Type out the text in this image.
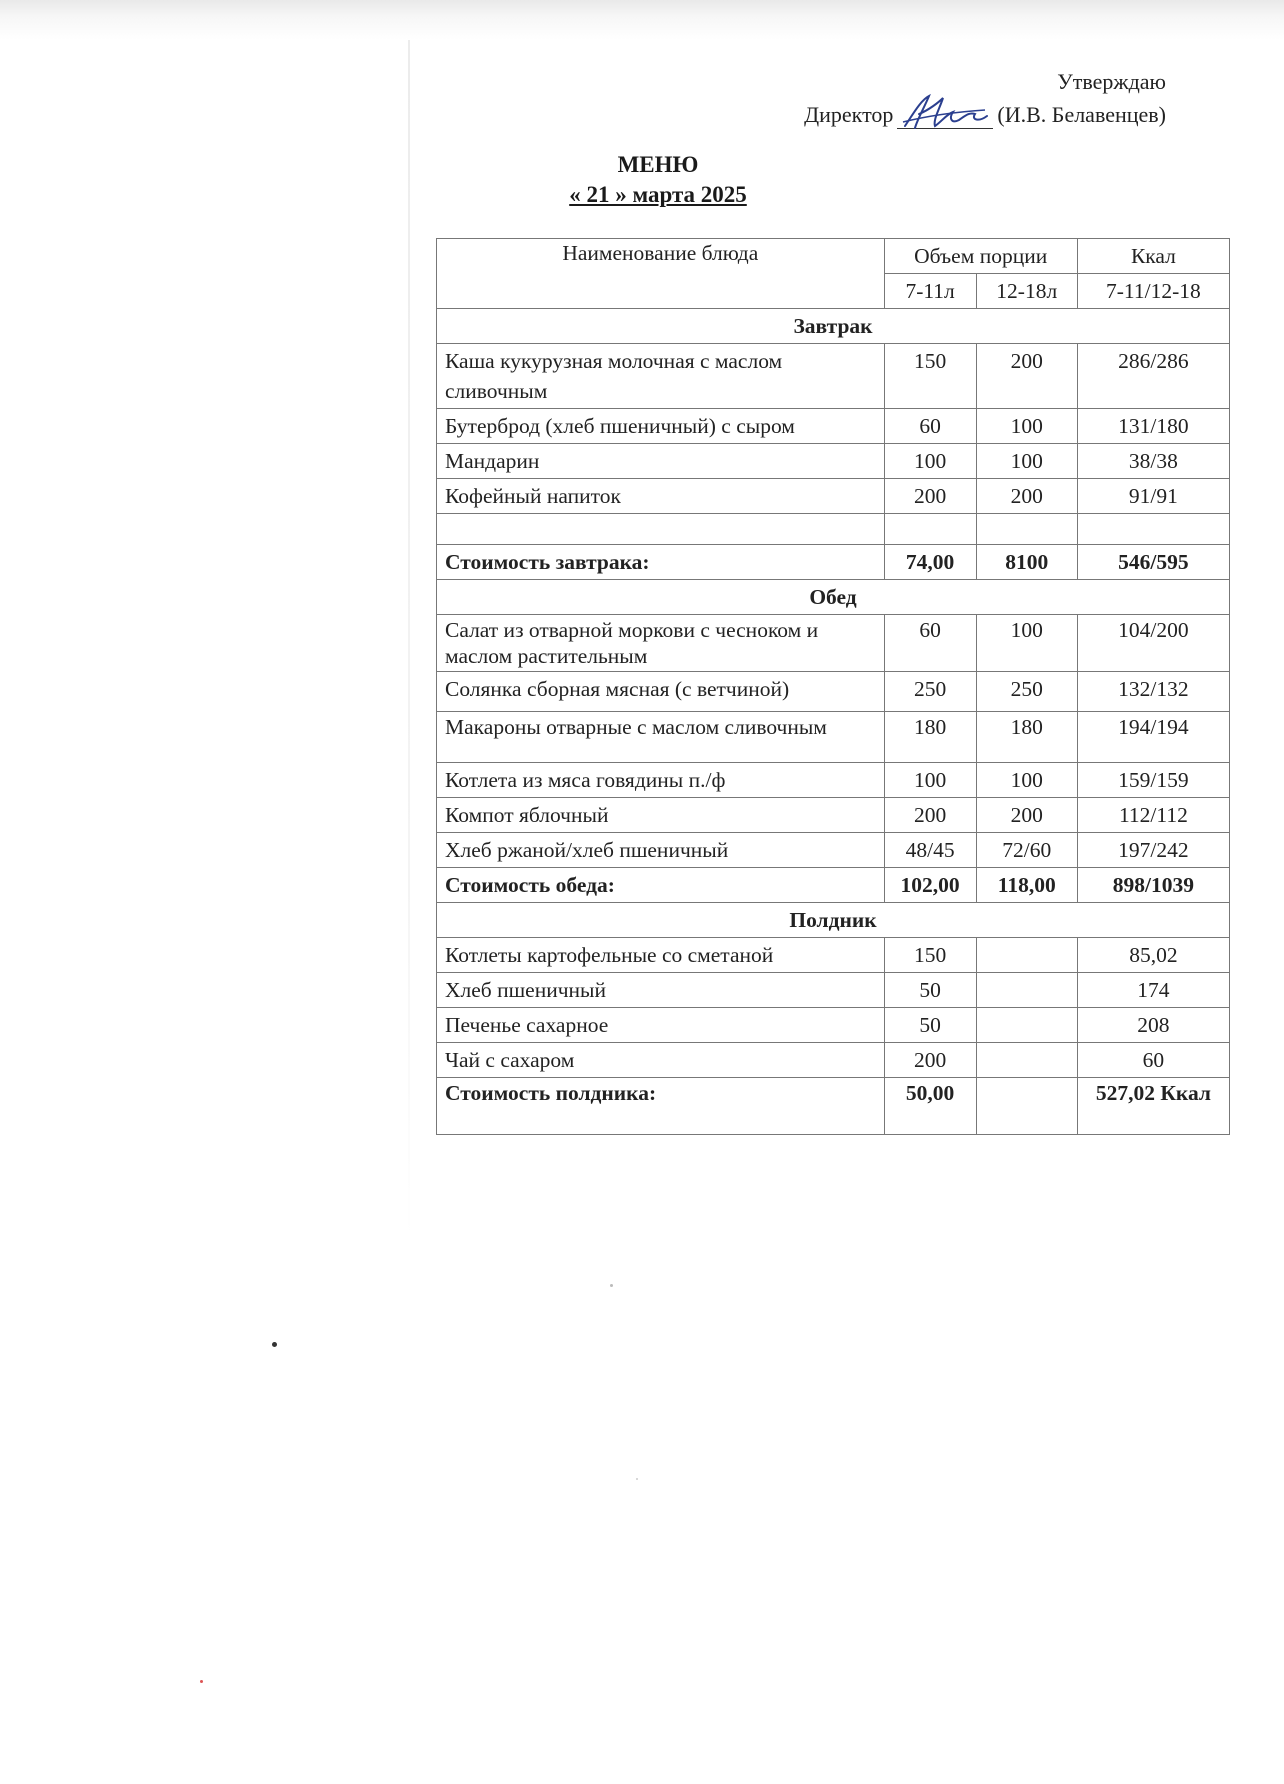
Утверждаю
Директор	(И.В. Белавенцев)
МЕНЮ
« 21 » марта 2025
Наименование блюда	Объем порции		Ккал
	7-11л	12-18л	7-11/12-18
Завтрак			
Каша кукурузная молочная с маслом сливочным	150	200	286/286
Бутерброд (хлеб пшеничный) с сыром	60	100	131/180
Мандарин	100	100	38/38
Кофейный напиток	200	200	91/91

Стоимость завтрака:	74,00	8100	546/595
Обед			
Салат из отварной моркови с чесноком и маслом растительным	60	100	104/200
Солянка сборная мясная (с ветчиной)	250	250	132/132
Макароны отварные с маслом сливочным	180	180	194/194
Котлета из мяса говядины п./ф	100	100	159/159
Компот яблочный	200	200	112/112
Хлеб ржаной/хлеб пшеничный	48/45	72/60	197/242
Стоимость обеда:	102,00	118,00	898/1039
Полдник			
Котлеты картофельные со сметаной	150		85,02
Хлеб пшеничный	50		174
Печенье сахарное	50		208
Чай с сахаром	200		60
Стоимость полдника:	50,00		527,02 Ккал
